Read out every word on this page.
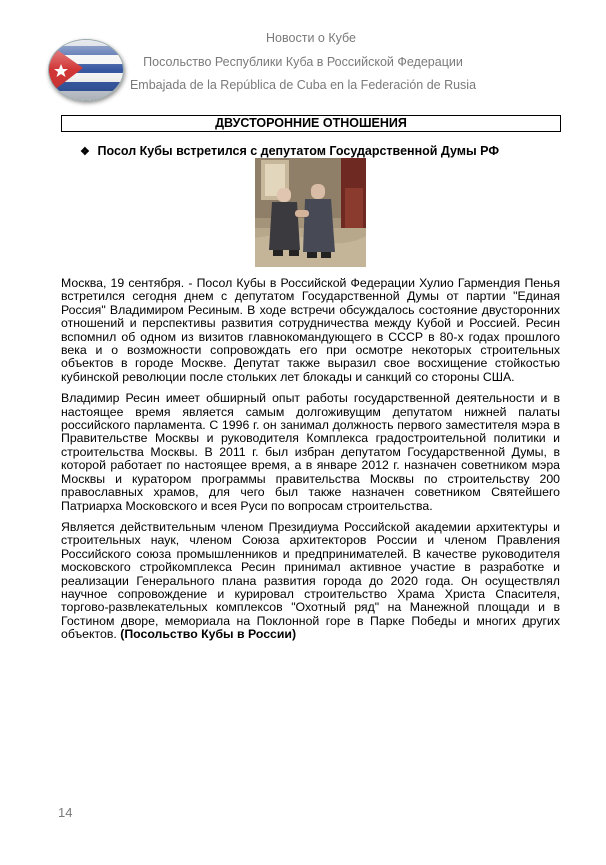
Новости о Кубе
Посольство Республики Куба в Российской Федерации
Embajada de la República de Cuba en la Federación de Rusia
ДВУСТОРОННИЕ ОТНОШЕНИЯ
❖ Посол Кубы встретился с депутатом Государственной Думы РФ

Москва, 19 сентября. - Посол Кубы в Российской Федерации Хулио Гармендия Пенья встретился сегодня днем с депутатом Государственной Думы от партии "Единая Россия" Владимиром Ресиным. В ходе встречи обсуждалось состояние двусторонних отношений и перспективы развития сотрудничества между Кубой и Россией. Ресин вспомнил об одном из визитов главнокомандующего в СССР в 80-х годах прошлого века и о возможности сопровождать его при осмотре некоторых строительных объектов в городе Москве. Депутат также выразил свое восхищение стойкостью кубинской революции после стольких лет блокады и санкций со стороны США.

Владимир Ресин имеет обширный опыт работы государственной деятельности и в настоящее время является самым долгоживущим депутатом нижней палаты российского парламента. С 1996 г. он занимал должность первого заместителя мэра в Правительстве Москвы и руководителя Комплекса градостроительной политики и строительства Москвы. В 2011 г. был избран депутатом Государственной Думы, в которой работает по настоящее время, а в январе 2012 г. назначен советником мэра Москвы и куратором программы правительства Москвы по строительству 200 православных храмов, для чего был также назначен советником Святейшего Патриарха Московского и всея Руси по вопросам строительства.

Является действительным членом Президиума Российской академии архитектуры и строительных наук, членом Союза архитекторов России и членом Правления Российского союза промышленников и предпринимателей. В качестве руководителя московского стройкомплекса Ресин принимал активное участие в разработке и реализации Генерального плана развития города до 2020 года. Он осуществлял научное сопровождение и курировал строительство Храма Христа Спасителя, торгово-развлекательных комплексов "Охотный ряд" на Манежной площади и в Гостином дворе, мемориала на Поклонной горе в Парке Победы и многих других объектов. (Посольство Кубы в России)

14
